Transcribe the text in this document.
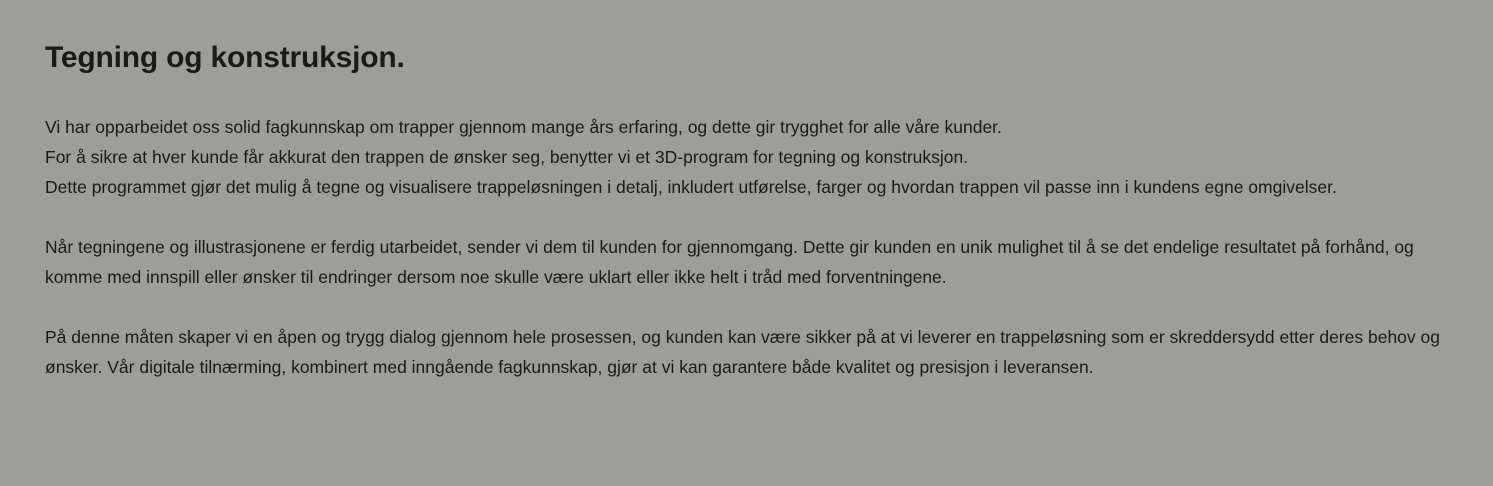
Tegning og konstruksjon.

Vi har opparbeidet oss solid fagkunnskap om trapper gjennom mange års erfaring, og dette gir trygghet for alle våre kunder.
For å sikre at hver kunde får akkurat den trappen de ønsker seg, benytter vi et 3D-program for tegning og konstruksjon.
Dette programmet gjør det mulig å tegne og visualisere trappeløsningen i detalj, inkludert utførelse, farger og hvordan trappen vil passe inn i kundens egne omgivelser.

Når tegningene og illustrasjonene er ferdig utarbeidet, sender vi dem til kunden for gjennomgang. Dette gir kunden en unik mulighet til å se det endelige resultatet på forhånd, og komme med innspill eller ønsker til endringer dersom noe skulle være uklart eller ikke helt i tråd med forventningene.

På denne måten skaper vi en åpen og trygg dialog gjennom hele prosessen, og kunden kan være sikker på at vi leverer en trappeløsning som er skreddersydd etter deres behov og ønsker. Vår digitale tilnærming, kombinert med inngående fagkunnskap, gjør at vi kan garantere både kvalitet og presisjon i leveransen.
